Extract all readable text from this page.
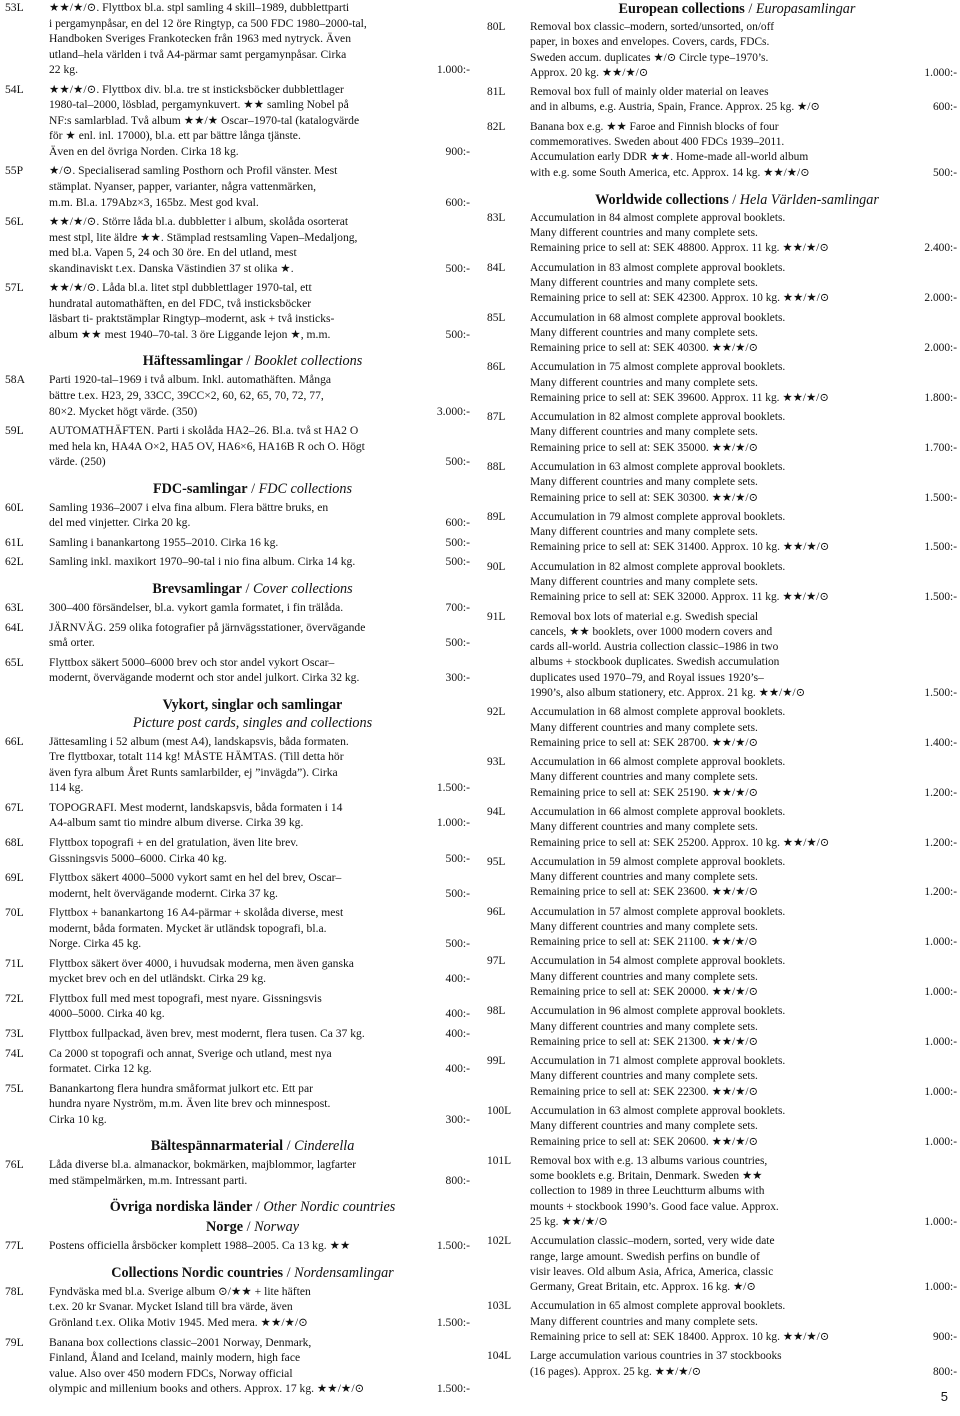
53L ★★/★/⊙. Flyttbox bl.a. stpl samling 4 skill–1989, dubblettparti
i pergamynpåsar, en del 12 öre Ringtyp, ca 500 FDC 1980–2000-tal,
Handboken Sveriges Frankotecken från 1963 med nytryck. Även
utland–hela världen i två A4-pärmar samt pergamynpåsar. Cirka
22 kg.	1.000:-
54L ★★/★/⊙. Flyttbox div. bl.a. tre st insticksböcker dubblettlager
1980-tal–2000, lösblad, pergamynkuvert. ★★ samling Nobel på
NF:s samlarblad. Två album ★★/★ Oscar–1970-tal (katalogvärde
för ★ enl. inl. 17000), bl.a. ett par bättre långa tjänste.
Även en del övriga Norden. Cirka 18 kg.	900:-
55P ★/⊙. Specialiserad samling Posthorn och Profil vänster. Mest
stämplat. Nyanser, papper, varianter, några vattenmärken,
m.m. Bl.a. 179Abz×3, 165bz. Mest god kval.	600:-
56L ★★/★/⊙. Större låda bl.a. dubbletter i album, skolåda osorterat
mest stpl, lite äldre ★★. Stämplad restsamling Vapen–Medaljong,
med bl.a. Vapen 5, 24 och 30 öre. En del utland, mest
skandinaviskt t.ex. Danska Västindien 37 st olika ★.	500:-
57L ★★/★/⊙. Låda bl.a. litet stpl dubblettlager 1970-tal, ett
hundratal automathäften, en del FDC, två insticksböcker
läsbart ti- praktstämplar Ringtyp–modernt, ask + två insticks-
album ★★ mest 1940–70-tal. 3 öre Liggande lejon ★, m.m.	500:-
Häftessamlingar / Booklet collections
58A Parti 1920-tal–1969 i två album. Inkl. automathäften. Många
bättre t.ex. H23, 29, 33CC, 39CC×2, 60, 62, 65, 70, 72, 77,
80×2. Mycket högt värde. (350)	3.000:-
59L AUTOMATHÄFTEN. Parti i skolåda HA2–26. Bl.a. två st HA2 O
med hela kn, HA4A O×2, HA5 OV, HA6×6, HA16B R och O. Högt
värde. (250)	500:-
FDC-samlingar / FDC collections
60L Samling 1936–2007 i elva fina album. Flera bättre bruks, en
del med vinjetter. Cirka 20 kg.	600:-
61L Samling i banankartong 1955–2010. Cirka 16 kg.	500:-
62L Samling inkl. maxikort 1970–90-tal i nio fina album. Cirka 14 kg.	500:-
Brevsamlingar / Cover collections
63L 300–400 försändelser, bl.a. vykort gamla formatet, i fin trälåda.	700:-
64L JÄRNVÄG. 259 olika fotografier på järnvägsstationer, övervägande
små orter.	500:-
65L Flyttbox säkert 5000–6000 brev och stor andel vykort Oscar–
modernt, övervägande modernt och stor andel julkort. Cirka 32 kg.	300:-
Vykort, singlar och samlingar
Picture post cards, singles and collections
66L Jättesamling i 52 album (mest A4), landskapsvis, båda formaten.
Tre flyttboxar, totalt 114 kg! MÅSTE HÄMTAS. (Till detta hör
även fyra album Året Runts samlarbilder, ej ”invägda”). Cirka
114 kg.	1.500:-
67L TOPOGRAFI. Mest modernt, landskapsvis, båda formaten i 14
A4-album samt tio mindre album diverse. Cirka 39 kg.	1.000:-
68L Flyttbox topografi + en del gratulation, även lite brev.
Gissningsvis 5000–6000. Cirka 40 kg.	500:-
69L Flyttbox säkert 4000–5000 vykort samt en hel del brev, Oscar–
modernt, helt övervägande modernt. Cirka 37 kg.	500:-
70L Flyttbox + banankartong 16 A4-pärmar + skolåda diverse, mest
modernt, båda formaten. Mycket är utländsk topografi, bl.a.
Norge. Cirka 45 kg.	500:-
71L Flyttbox säkert över 4000, i huvudsak moderna, men även ganska
mycket brev och en del utländskt. Cirka 29 kg.	400:-
72L Flyttbox full med mest topografi, mest nyare. Gissningsvis
4000–5000. Cirka 40 kg.	400:-
73L Flyttbox fullpackad, även brev, mest modernt, flera tusen. Ca 37 kg.	400:-
74L Ca 2000 st topografi och annat, Sverige och utland, mest nya
formatet. Cirka 12 kg.	400:-
75L Banankartong flera hundra småformat julkort etc. Ett par
hundra nyare Nyström, m.m. Även lite brev och minnespost.
Cirka 10 kg.	300:-
Bältespännarmaterial / Cinderella
76L Låda diverse bl.a. almanackor, bokmärken, majblommor, lagfarter
med stämpelmärken, m.m. Intressant parti.	800:-
Övriga nordiska länder / Other Nordic countries
Norge / Norway
77L Postens officiella årsböcker komplett 1988–2005. Ca 13 kg. ★★	1.500:-
Collections Nordic countries / Nordensamlingar
78L Fyndväska med bl.a. Sverige album ⊙/★★ + lite häften
t.ex. 20 kr Svanar. Mycket Island till bra värde, även
Grönland t.ex. Olika Motiv 1945. Med mera. ★★/★/⊙	1.500:-
79L Banana box collections classic–2001 Norway, Denmark,
Finland, Åland and Iceland, mainly modern, high face
value. Also over 450 modern FDCs, Norway official
olympic and millenium books and others. Approx. 17 kg. ★★/★/⊙	1.500:-
European collections / Europasamlingar
80L Removal box classic–modern, sorted/unsorted, on/off
paper, in boxes and envelopes. Covers, cards, FDCs.
Sweden accum. duplicates ★/⊙ Circle type–1970’s.
Approx. 20 kg. ★★/★/⊙	1.000:-
81L Removal box full of mainly older material on leaves
and in albums, e.g. Austria, Spain, France. Approx. 25 kg. ★/⊙	600:-
82L Banana box e.g. ★★ Faroe and Finnish blocks of four
commemoratives. Sweden about 400 FDCs 1939–2011.
Accumulation early DDR ★★. Home-made all-world album
with e.g. some South America, etc. Approx. 14 kg. ★★/★/⊙	500:-
Worldwide collections / Hela Världen-samlingar
83L Accumulation in 84 almost complete approval booklets.
Many different countries and many complete sets.
Remaining price to sell at: SEK 48800. Approx. 11 kg. ★★/★/⊙	2.400:-
84L Accumulation in 83 almost complete approval booklets.
Many different countries and many complete sets.
Remaining price to sell at: SEK 42300. Approx. 10 kg. ★★/★/⊙	2.000:-
85L Accumulation in 68 almost complete approval booklets.
Many different countries and many complete sets.
Remaining price to sell at: SEK 40300. ★★/★/⊙	2.000:-
86L Accumulation in 75 almost complete approval booklets.
Many different countries and many complete sets.
Remaining price to sell at: SEK 39600. Approx. 11 kg. ★★/★/⊙	1.800:-
87L Accumulation in 82 almost complete approval booklets.
Many different countries and many complete sets.
Remaining price to sell at: SEK 35000. ★★/★/⊙	1.700:-
88L Accumulation in 63 almost complete approval booklets.
Many different countries and many complete sets.
Remaining price to sell at: SEK 30300. ★★/★/⊙	1.500:-
89L Accumulation in 79 almost complete approval booklets.
Many different countries and many complete sets.
Remaining price to sell at: SEK 31400. Approx. 10 kg. ★★/★/⊙	1.500:-
90L Accumulation in 82 almost complete approval booklets.
Many different countries and many complete sets.
Remaining price to sell at: SEK 32000. Approx. 11 kg. ★★/★/⊙	1.500:-
91L Removal box lots of material e.g. Swedish special
cancels, ★★ booklets, over 1000 modern covers and
cards all-world. Austria collection classic–1986 in two
albums + stockbook duplicates. Swedish accumulation
duplicates used 1970–79, and Royal issues 1920’s–
1990’s, also album stationery, etc. Approx. 21 kg. ★★/★/⊙	1.500:-
92L Accumulation in 68 almost complete approval booklets.
Many different countries and many complete sets.
Remaining price to sell at: SEK 28700. ★★/★/⊙	1.400:-
93L Accumulation in 66 almost complete approval booklets.
Many different countries and many complete sets.
Remaining price to sell at: SEK 25190. ★★/★/⊙	1.200:-
94L Accumulation in 66 almost complete approval booklets.
Many different countries and many complete sets.
Remaining price to sell at: SEK 25200. Approx. 10 kg. ★★/★/⊙	1.200:-
95L Accumulation in 59 almost complete approval booklets.
Many different countries and many complete sets.
Remaining price to sell at: SEK 23600. ★★/★/⊙	1.200:-
96L Accumulation in 57 almost complete approval booklets.
Many different countries and many complete sets.
Remaining price to sell at: SEK 21100. ★★/★/⊙	1.000:-
97L Accumulation in 54 almost complete approval booklets.
Many different countries and many complete sets.
Remaining price to sell at: SEK 20000. ★★/★/⊙	1.000:-
98L Accumulation in 96 almost complete approval booklets.
Many different countries and many complete sets.
Remaining price to sell at: SEK 21300. ★★/★/⊙	1.000:-
99L Accumulation in 71 almost complete approval booklets.
Many different countries and many complete sets.
Remaining price to sell at: SEK 22300. ★★/★/⊙	1.000:-
100L Accumulation in 63 almost complete approval booklets.
Many different countries and many complete sets.
Remaining price to sell at: SEK 20600. ★★/★/⊙	1.000:-
101L Removal box with e.g. 13 albums various countries,
some booklets e.g. Britain, Denmark. Sweden ★★
collection to 1989 in three Leuchtturm albums with
mounts + stockbook 1990’s. Good face value. Approx.
25 kg. ★★/★/⊙	1.000:-
102L Accumulation classic–modern, sorted, very wide date
range, large amount. Swedish perfins on bundle of
visir leaves. Old album Asia, Africa, America, classic
Germany, Great Britain, etc. Approx. 16 kg. ★/⊙	1.000:-
103L Accumulation in 65 almost complete approval booklets.
Many different countries and many complete sets.
Remaining price to sell at: SEK 18400. Approx. 10 kg. ★★/★/⊙	900:-
104L Large accumulation various countries in 37 stockbooks
(16 pages). Approx. 25 kg. ★★/★/⊙	800:-
5
